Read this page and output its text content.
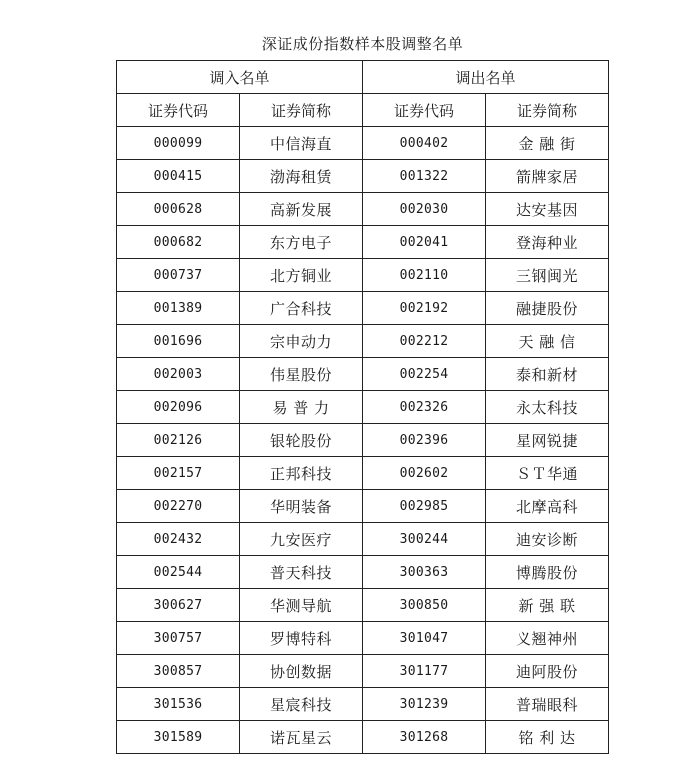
深证成份指数样本股调整名单
调入名单		调出名单	
证券代码	证券简称	证券代码	证券简称
000099	中信海直	000402	金 融 街
000415	渤海租赁	001322	箭牌家居
000628	高新发展	002030	达安基因
000682	东方电子	002041	登海种业
000737	北方铜业	002110	三钢闽光
001389	广合科技	002192	融捷股份
001696	宗申动力	002212	天 融 信
002003	伟星股份	002254	泰和新材
002096	易 普 力	002326	永太科技
002126	银轮股份	002396	星网锐捷
002157	正邦科技	002602	ＳＴ华通
002270	华明装备	002985	北摩高科
002432	九安医疗	300244	迪安诊断
002544	普天科技	300363	博腾股份
300627	华测导航	300850	新 强 联
300757	罗博特科	301047	义翘神州
300857	协创数据	301177	迪阿股份
301536	星宸科技	301239	普瑞眼科
301589	诺瓦星云	301268	铭 利 达
